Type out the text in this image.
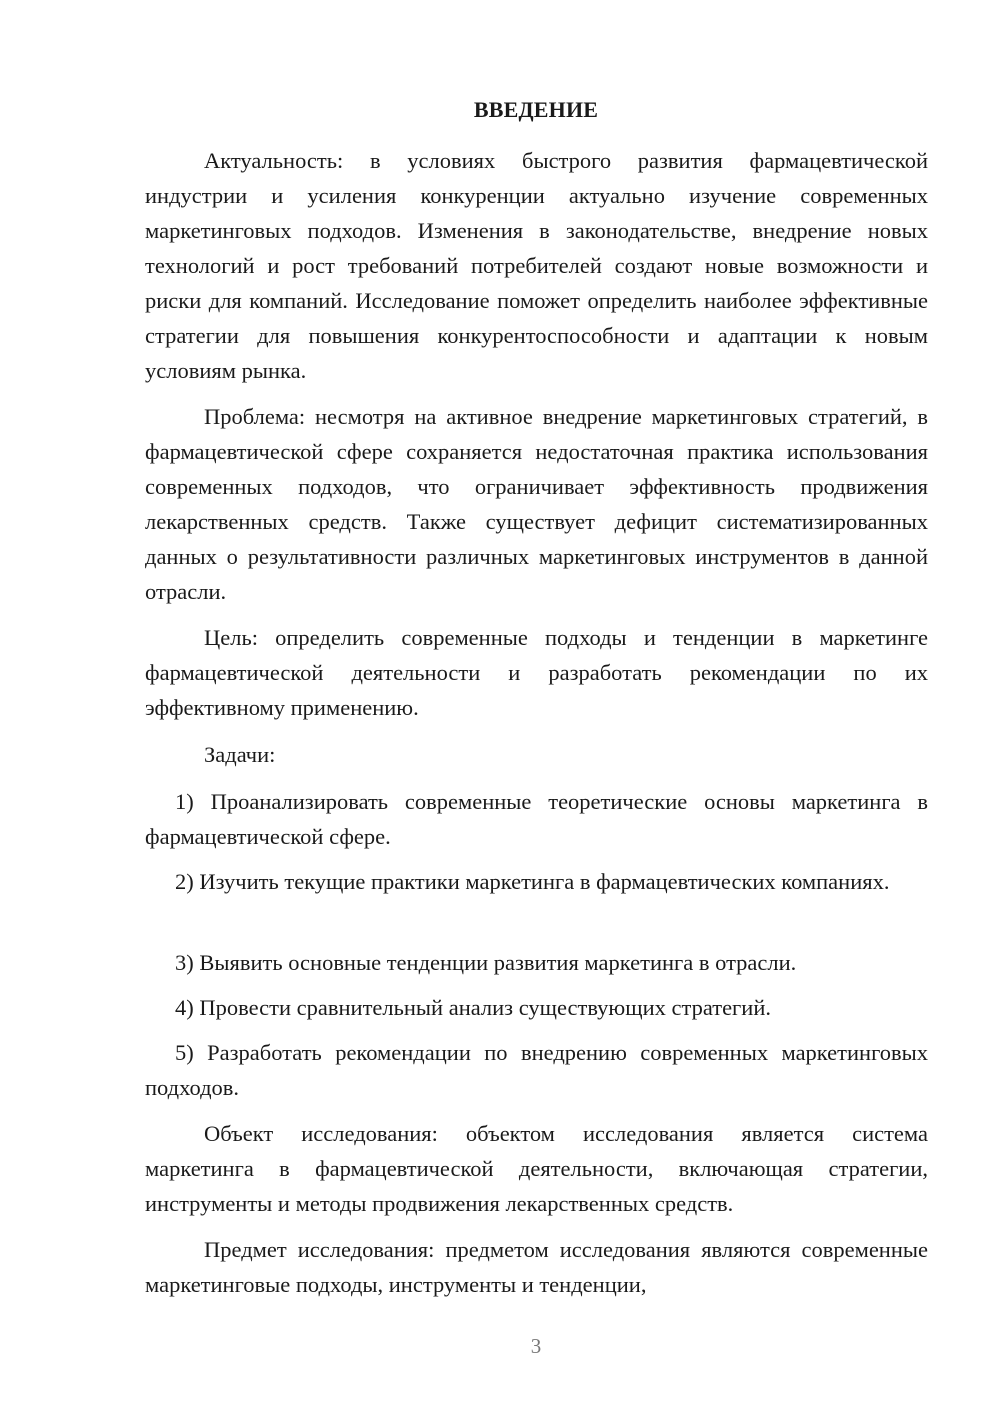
ВВЕДЕНИЕ

Актуальность: в условиях быстрого развития фармацевтической индустрии и усиления конкуренции актуально изучение современных маркетинговых подходов. Изменения в законодательстве, внедрение новых технологий и рост требований потребителей создают новые возможности и риски для компаний. Исследование поможет определить наиболее эффективные стратегии для повышения конкурентоспособности и адаптации к новым условиям рынка.

Проблема: несмотря на активное внедрение маркетинговых стратегий, в фармацевтической сфере сохраняется недостаточная практика использования современных подходов, что ограничивает эффективность продвижения лекарственных средств. Также существует дефицит систематизированных данных о результативности различных маркетинговых инструментов в данной отрасли.

Цель: определить современные подходы и тенденции в маркетинге фармацевтической деятельности и разработать рекомендации по их эффективному применению.

Задачи:

1) Проанализировать современные теоретические основы маркетинга в фармацевтической сфере.

2) Изучить текущие практики маркетинга в фармацевтических компаниях.

3) Выявить основные тенденции развития маркетинга в отрасли.

4) Провести сравнительный анализ существующих стратегий.

5) Разработать рекомендации по внедрению современных маркетинговых подходов.

Объект исследования: объектом исследования является система маркетинга в фармацевтической деятельности, включающая стратегии, инструменты и методы продвижения лекарственных средств.

Предмет исследования: предметом исследования являются современные маркетинговые подходы, инструменты и тенденции,

3
